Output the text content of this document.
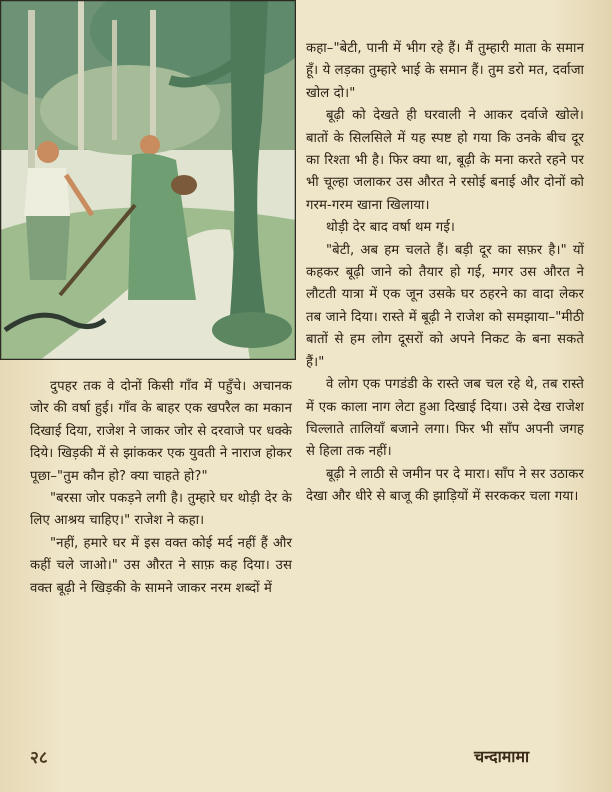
कहा–"बेटी, पानी में भीग रहे हैं। मैं तुम्हारी माता के समान हूँ। ये लड़का तुम्हारे भाई के समान हैं। तुम डरो मत, दर्वाजा खोल दो।"

बूढ़ी को देखते ही घरवाली ने आकर दर्वाजे खोले। बातों के सिलसिले में यह स्पष्ट हो गया कि उनके बीच दूर का रिश्ता भी है। फिर क्या था, बूढ़ी के मना करते रहने पर भी चूल्हा जलाकर उस औरत ने रसोई बनाई और दोनों को गरम-गरम खाना खिलाया।

थोड़ी देर बाद वर्षा थम गई।

"बेटी, अब हम चलते हैं। बड़ी दूर का सफ़र है।" यों कहकर बूढ़ी जाने को तैयार हो गई, मगर उस औरत ने लौटती यात्रा में एक जून उसके घर ठहरने का वादा लेकर तब जाने दिया। रास्ते में बूढ़ी ने राजेश को समझाया–"मीठी बातों से हम लोग दूसरों को अपने निकट के बना सकते हैं।"

वे लोग एक पगडंडी के रास्ते जब चल रहे थे, तब रास्ते में एक काला नाग लेटा हुआ दिखाई दिया। उसे देख राजेश चिल्लाते तालियाँ बजाने लगा। फिर भी साँप अपनी जगह से हिला तक नहीं।

बूढ़ी ने लाठी से जमीन पर दे मारा। साँप ने सर उठाकर देखा और धीरे से बाजू की झाड़ियों में सरककर चला गया।

दुपहर तक वे दोनों किसी गाँव में पहुँचे। अचानक जोर की वर्षा हुई। गाँव के बाहर एक खपरैल का मकान दिखाई दिया, राजेश ने जाकर जोर से दरवाजे पर धक्के दिये। खिड़की में से झांककर एक युवती ने नाराज होकर पूछा–"तुम कौन हो? क्या चाहते हो?"

"बरसा जोर पकड़ने लगी है। तुम्हारे घर थोड़ी देर के लिए आश्रय चाहिए।" राजेश ने कहा।

"नहीं, हमारे घर में इस वक्त कोई मर्द नहीं हैं और कहीं चले जाओ।" उस औरत ने साफ़ कह दिया। उस वक्त बूढ़ी ने खिड़की के सामने जाकर नरम शब्दों में

२८	चन्दामामा
